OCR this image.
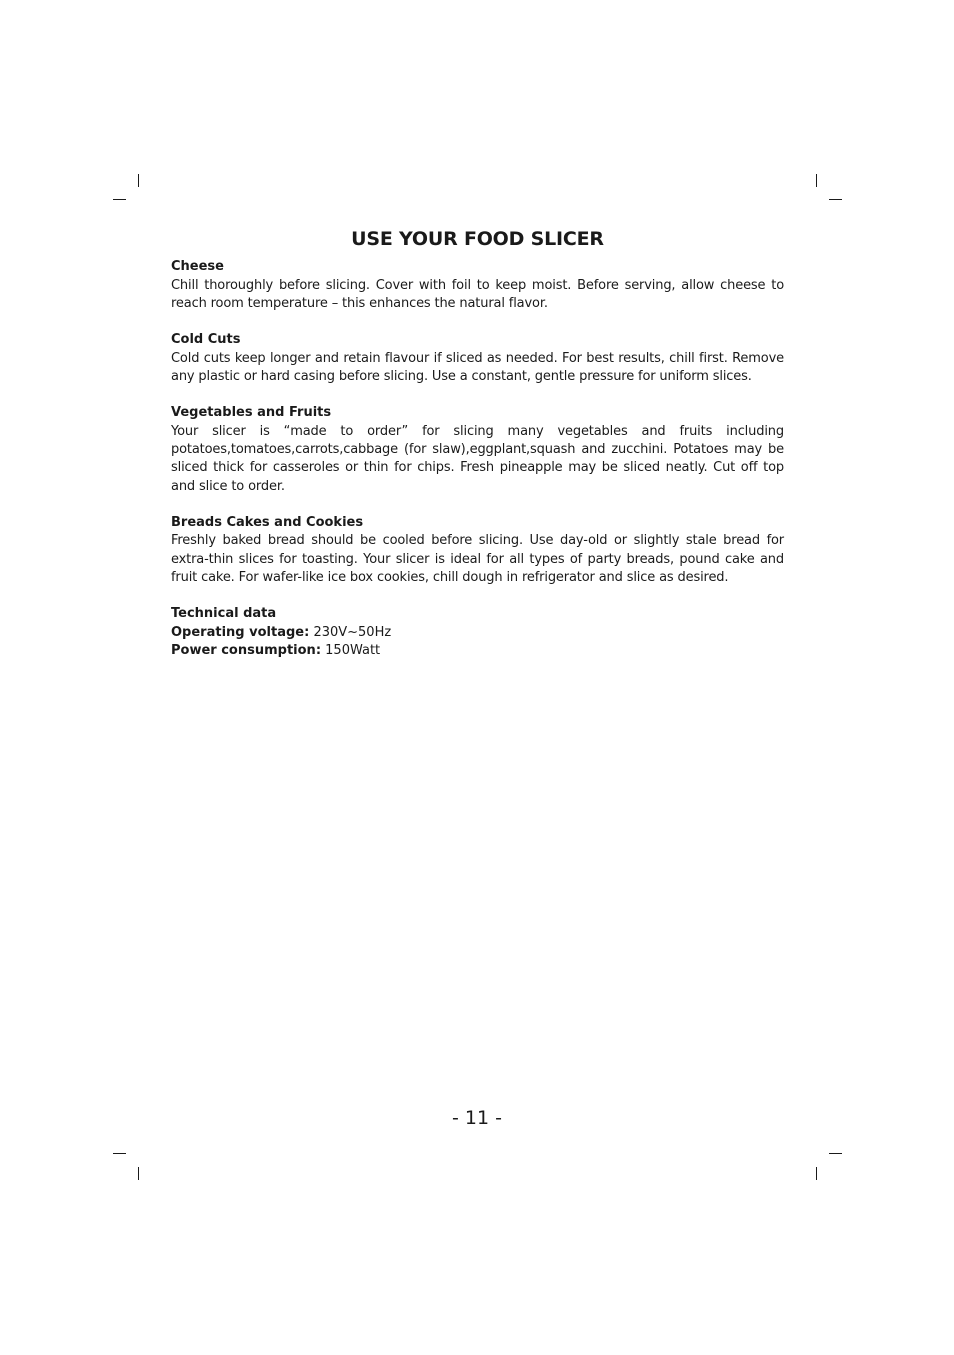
USE YOUR FOOD SLICER

Cheese

Chill thoroughly before slicing. Cover with foil to keep moist. Before serving, allow cheese to reach room temperature – this enhances the natural flavor.

Cold Cuts

Cold cuts keep longer and retain flavour if sliced as needed. For best results, chill first. Remove any plastic or hard casing before slicing. Use a constant, gentle pressure for uniform slices.

Vegetables and Fruits

Your slicer is “made to order” for slicing many vegetables and fruits including potatoes,tomatoes,carrots,cabbage (for slaw),eggplant,squash and zucchini. Potatoes may be sliced thick for casseroles or thin for chips. Fresh pineapple may be sliced neatly. Cut off top and slice to order.

Breads Cakes and Cookies

Freshly baked bread should be cooled before slicing. Use day-old or slightly stale bread for extra-thin slices for toasting. Your slicer is ideal for all types of party breads, pound cake and fruit cake. For wafer-like ice box cookies, chill dough in refrigerator and slice as desired.

Technical data

Operating voltage: 230V~50Hz

Power consumption: 150Watt

- 11 -
